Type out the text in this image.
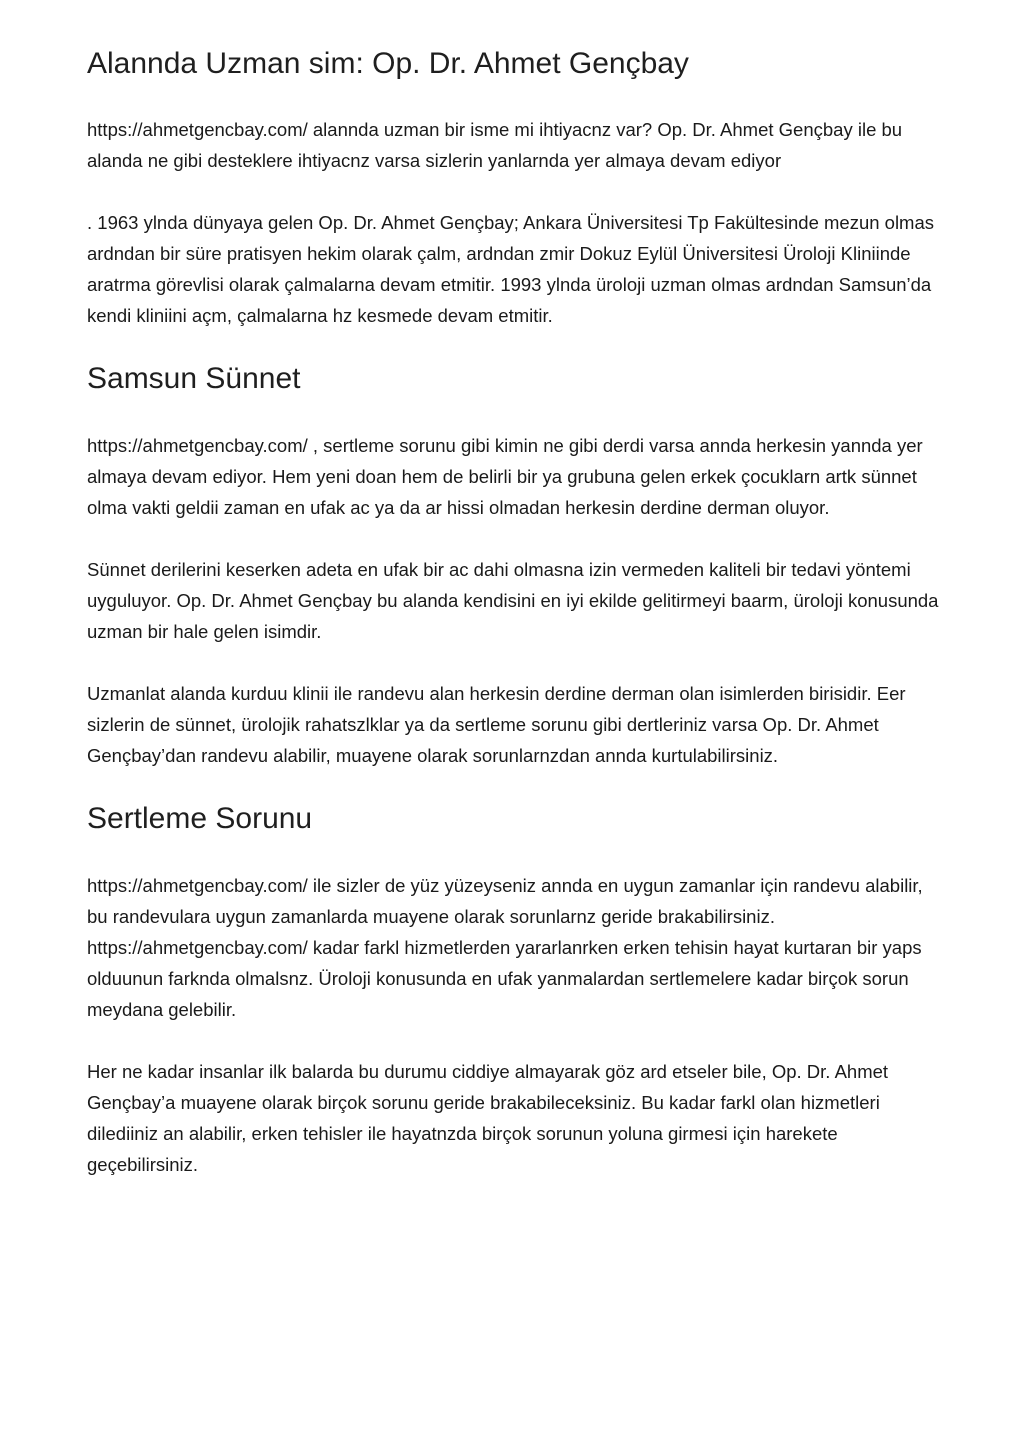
Alannda Uzman sim: Op. Dr. Ahmet Gençbay

https://ahmetgencbay.com/ alannda uzman bir isme mi ihtiyacnz var? Op. Dr. Ahmet Gençbay ile bu alanda ne gibi desteklere ihtiyacnz varsa sizlerin yanlarnda yer almaya devam ediyor

. 1963 ylnda dünyaya gelen Op. Dr. Ahmet Gençbay; Ankara Üniversitesi Tp Fakültesinde mezun olmas ardndan bir süre pratisyen hekim olarak çalm, ardndan zmir Dokuz Eylül Üniversitesi Üroloji Kliniinde aratrma görevlisi olarak çalmalarna devam etmitir. 1993 ylnda üroloji uzman olmas ardndan Samsun’da kendi kliniini açm, çalmalarna hz kesmede devam etmitir.

Samsun Sünnet

https://ahmetgencbay.com/ , sertleme sorunu gibi kimin ne gibi derdi varsa annda herkesin yannda yer almaya devam ediyor. Hem yeni doan hem de belirli bir ya grubuna gelen erkek çocuklarn artk sünnet olma vakti geldii zaman en ufak ac ya da ar hissi olmadan herkesin derdine derman oluyor.

Sünnet derilerini keserken adeta en ufak bir ac dahi olmasna izin vermeden kaliteli bir tedavi yöntemi uyguluyor. Op. Dr. Ahmet Gençbay bu alanda kendisini en iyi ekilde gelitirmeyi baarm, üroloji konusunda uzman bir hale gelen isimdir.

Uzmanlat alanda kurduu klinii ile randevu alan herkesin derdine derman olan isimlerden birisidir. Eer sizlerin de sünnet, ürolojik rahatszlklar ya da sertleme sorunu gibi dertleriniz varsa Op. Dr. Ahmet Gençbay’dan randevu alabilir, muayene olarak sorunlarnzdan annda kurtulabilirsiniz.

Sertleme Sorunu

https://ahmetgencbay.com/ ile sizler de yüz yüzeyseniz annda en uygun zamanlar için randevu alabilir, bu randevulara uygun zamanlarda muayene olarak sorunlarnz geride brakabilirsiniz. https://ahmetgencbay.com/ kadar farkl hizmetlerden yararlanrken erken tehisin hayat kurtaran bir yaps olduunun farknda olmalsnz. Üroloji konusunda en ufak yanmalardan sertlemelere kadar birçok sorun meydana gelebilir.

Her ne kadar insanlar ilk balarda bu durumu ciddiye almayarak göz ard etseler bile, Op. Dr. Ahmet Gençbay’a muayene olarak birçok sorunu geride brakabileceksiniz. Bu kadar farkl olan hizmetleri dilediiniz an alabilir, erken tehisler ile hayatnzda birçok sorunun yoluna girmesi için harekete geçebilirsiniz.
